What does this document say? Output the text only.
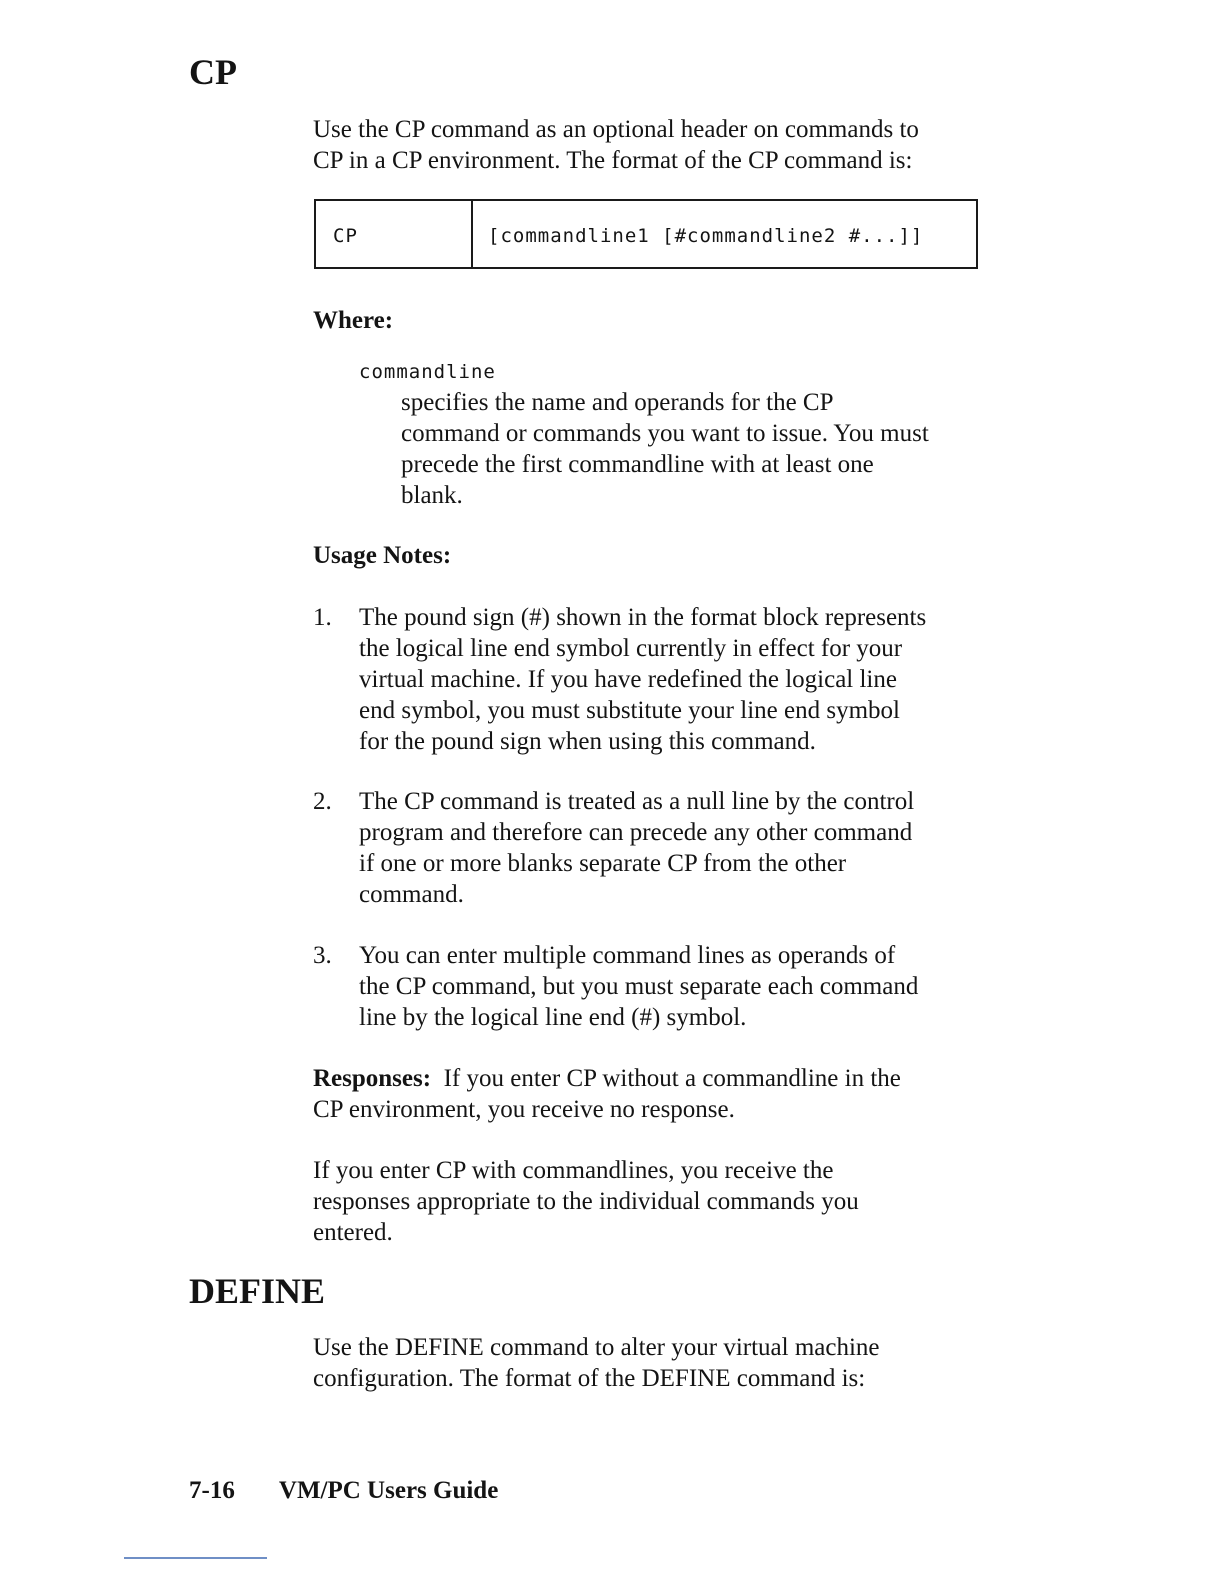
CP
Use the CP command as an optional header on commands to
CP in a CP environment. The format of the CP command is:
CP	[commandline1 [#commandline2 #...]]
Where:
commandline
specifies the name and operands for the CP
command or commands you want to issue. You must
precede the first commandline with at least one
blank.
Usage Notes:
1.	The pound sign (#) shown in the format block represents
the logical line end symbol currently in effect for your
virtual machine. If you have redefined the logical line
end symbol, you must substitute your line end symbol
for the pound sign when using this command.
2.	The CP command is treated as a null line by the control
program and therefore can precede any other command
if one or more blanks separate CP from the other
command.
3.	You can enter multiple command lines as operands of
the CP command, but you must separate each command
line by the logical line end (#) symbol.
Responses: If you enter CP without a commandline in the
CP environment, you receive no response.
If you enter CP with commandlines, you receive the
responses appropriate to the individual commands you
entered.
DEFINE
Use the DEFINE command to alter your virtual machine
configuration. The format of the DEFINE command is:
7-16 VM/PC Users Guide
